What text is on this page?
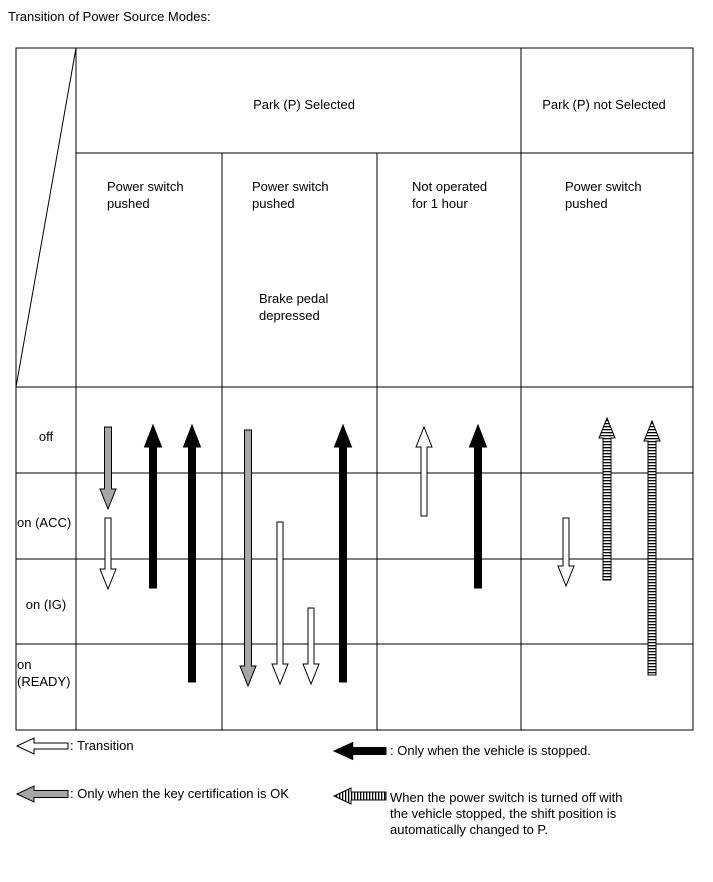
Transition of Power Source Modes:
Park (P) Selected	Park (P) not Selected
Power switch pushed
Power switch pushed
Brake pedal depressed
Not operated for 1 hour
Power switch pushed
off
on (ACC)
on (IG)
on (READY)
: Transition
: Only when the key certification is OK
: Only when the vehicle is stopped.
When the power switch is turned off with the vehicle stopped, the shift position is automatically changed to P.
